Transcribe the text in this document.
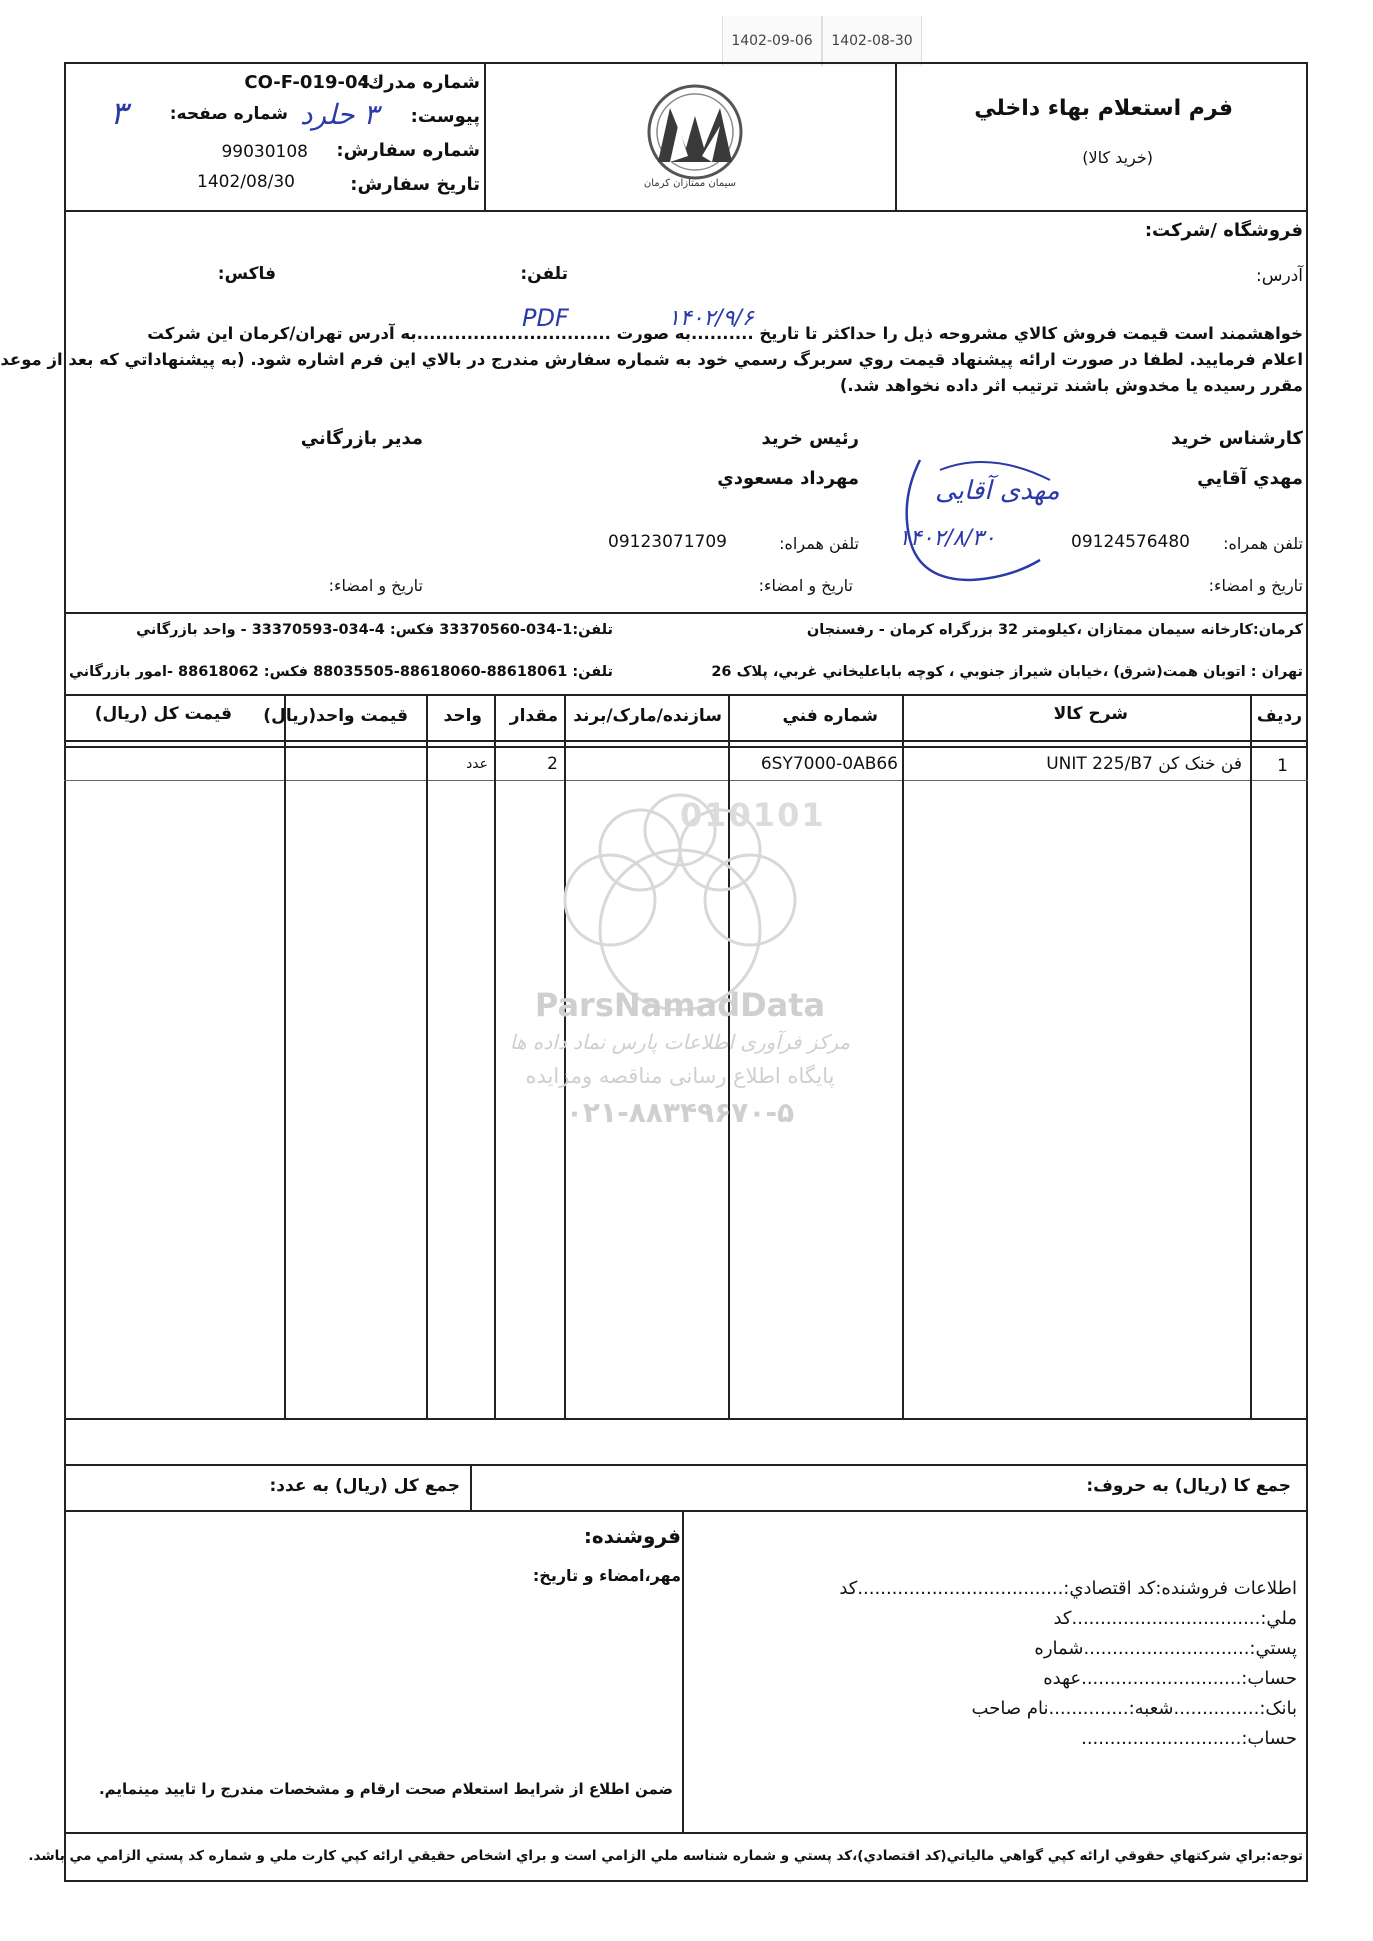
1402-09-06	1402-08-30
شماره مدرك:
CO-F-019-04
پيوست:
شماره صفحه:
شماره سفارش:
99030108
تاريخ سفارش:
1402/08/30
۳ حلرد
۳
سیمان ممتازان کرمان
فرم استعلام بهاء داخلي
(خريد كالا)
فروشگاه /شركت:
آدرس:
تلفن:
فاكس:
خواهشمند است قيمت فروش كالاي مشروحه ذيل را حداكثر تا تاريخ ..........به صورت ...............................به آدرس تهران/كرمان اين شركت
اعلام فرماييد. لطفا در صورت ارائه پيشنهاد قيمت روي سربرگ رسمي خود به شماره سفارش مندرج در بالاي اين فرم اشاره شود. (به پيشنهاداتي كه بعد از موعد
مقرر رسيده يا مخدوش باشند ترتيب اثر داده نخواهد شد.)
۱۴۰۲/۹/۶
PDF
كارشناس خريد
مهدي آقايي
تلفن همراه:
09124576480
تاريخ و امضاء:
رئيس خريد
مهرداد مسعودي
تلفن همراه:
09123071709
تاريخ و امضاء:
مدير بازرگاني
تاريخ و امضاء:
مهدی آقایی
۱۴۰۲/۸/۳۰
كرمان:كارخانه سيمان ممتازان ،كيلومتر 32 بزرگراه كرمان - رفسنجان
تلفن:1-034-33370560 فكس: 4-034-33370593 - واحد بازرگاني
تهران : اتوبان همت(شرق) ،خيابان شيراز جنوبي ، كوچه باباعليخاني غربي، پلاک 26
تلفن: 88618061-88618060-88035505 فكس: 88618062 -امور بازرگاني
رديف
شرح كالا
شماره فني
سازنده/مارک/برند
مقدار
واحد
قيمت واحد(ريال)
قيمت كل (ريال)
1
فن خنک کن UNIT 225/B7
6SY7000-0AB66
2
عدد
010101
ParsNamadData
مرکز فرآوری اطلاعات پارس نماد داده ها
پایگاه اطلاع رسانی مناقصه ومزایده
۰۲۱-۸۸۳۴۹۶۷۰-۵
جمع كا (ريال) به حروف:
جمع كل (ريال) به عدد:
فروشنده:
مهر،امضاء و تاريخ:
ضمن اطلاع از شرايط استعلام صحت ارقام و مشخصات مندرج را تاييد مينمايم.
اطلاعات فروشنده:كد اقتصادي:....................................كد
ملي:.................................كد
پستي:.............................شماره
حساب:............................عهده
بانک:...............شعبه:..............نام صاحب
حساب:............................
توجه:براي شركتهاي حقوقي ارائه كپي گواهي مالياتي(كد اقتصادي)،كد پستي و شماره شناسه ملي الزامي است و براي اشخاص حقيقي ارائه كپي كارت ملي و شماره كد پستي الزامي مي باشد.
